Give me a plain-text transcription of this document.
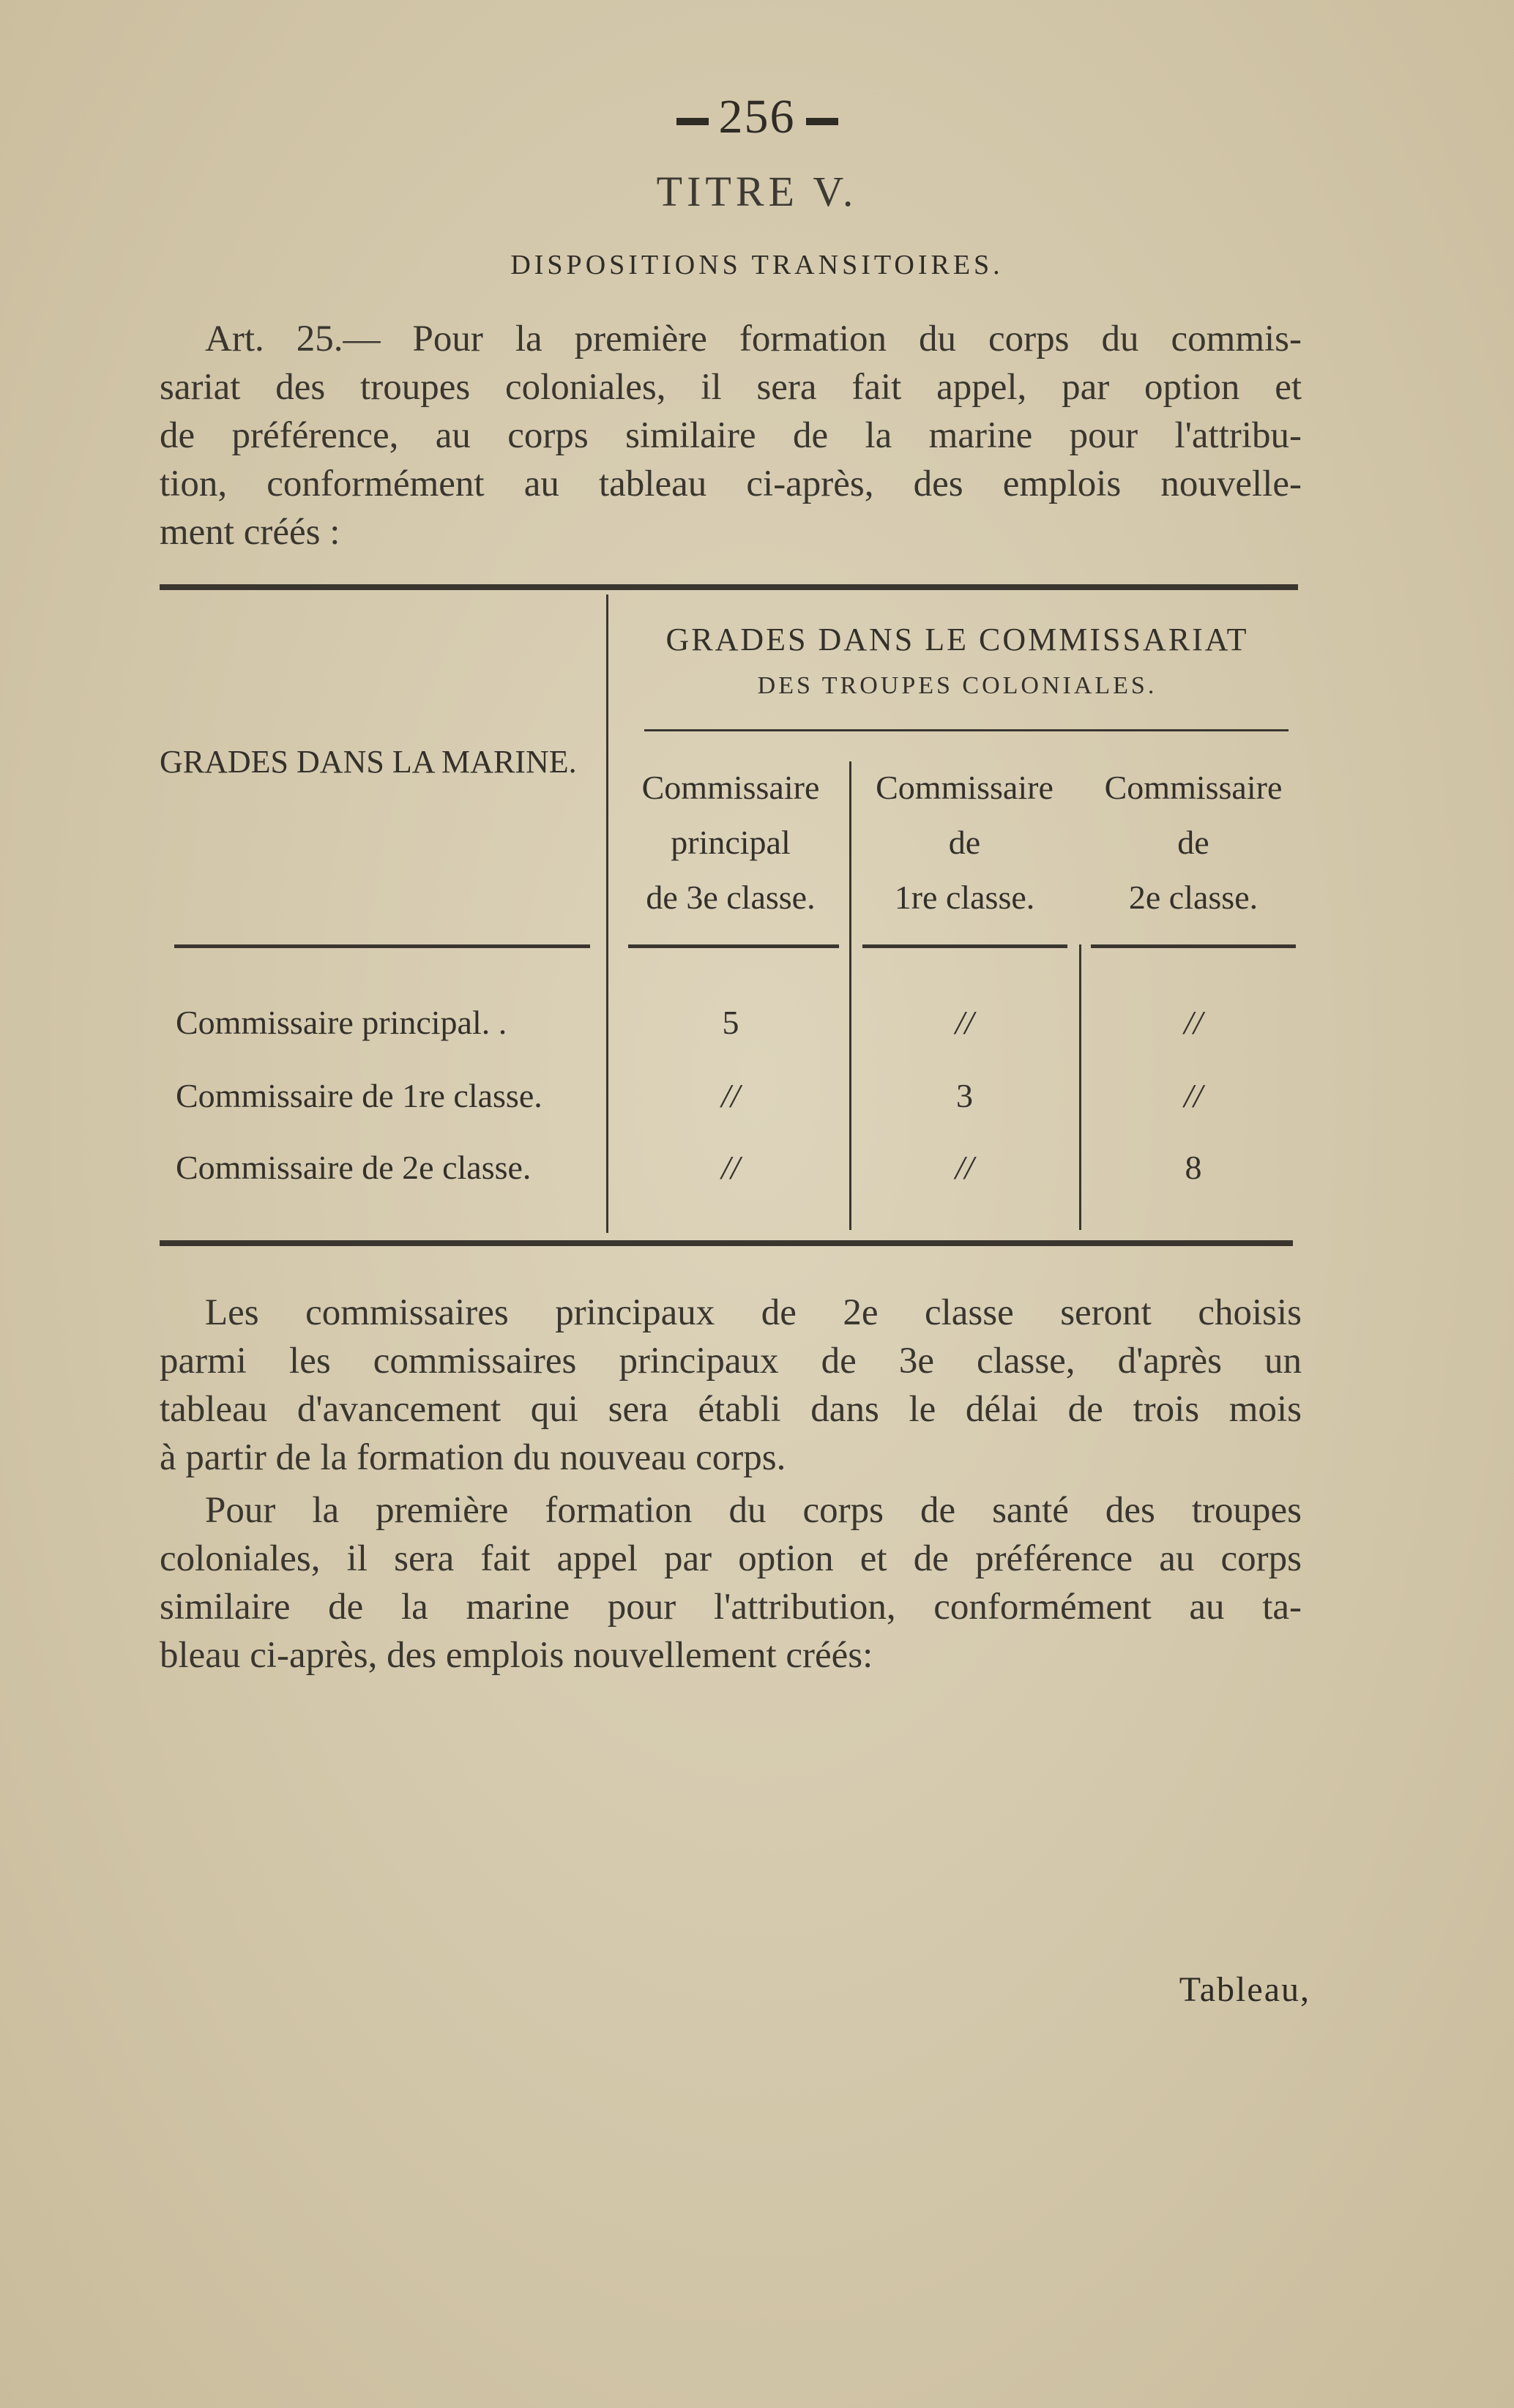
256
TITRE V.
DISPOSITIONS TRANSITOIRES.
Art. 25.— Pour la première formation du corps du commis-
sariat des troupes coloniales, il sera fait appel, par option et
de préférence, au corps similaire de la marine pour l'attribu-
tion, conformément au tableau ci-après, des emplois nouvelle-
ment créés :
GRADES DANS LE COMMISSARIAT
DES TROUPES COLONIALES.
GRADES DANS LA MARINE.
Commissaire
principal
de 3e classe.
Commissaire
de
1re classe.
Commissaire
de
2e classe.
Commissaire principal. .	5	//	//
Commissaire de 1re classe.	//	3	//
Commissaire de 2e classe.	//	//	8
Les commissaires principaux de 2e classe seront choisis
parmi les commissaires principaux de 3e classe, d'après un
tableau d'avancement qui sera établi dans le délai de trois mois
à partir de la formation du nouveau corps.
Pour la première formation du corps de santé des troupes
coloniales, il sera fait appel par option et de préférence au corps
similaire de la marine pour l'attribution, conformément au ta-
bleau ci-après, des emplois nouvellement créés:
Tableau,
